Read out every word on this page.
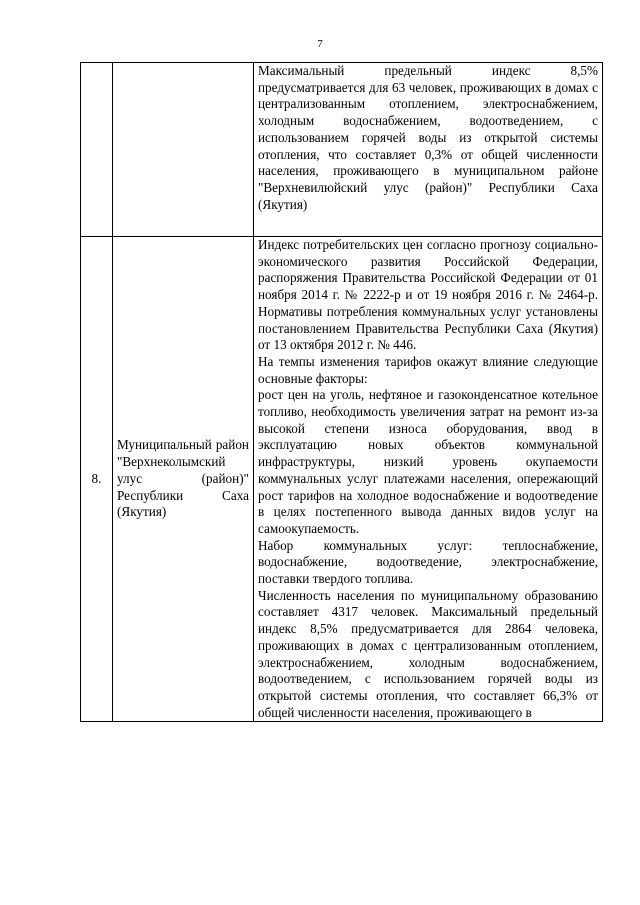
7

		Максимальный предельный индекс 8,5% предусматривается для 63 человек, проживающих в домах с централизованным отоплением, электроснабжением, холодным водоснабжением, водоотведением, с использованием горячей воды из открытой системы отопления, что составляет 0,3% от общей численности населения, проживающего в муниципальном районе "Верхневилюйский улус (район)" Республики Саха (Якутия)

8.	Муниципальный район "Верхнеколымский улус (район)" Республики Саха (Якутия)	Индекс потребительских цен согласно прогнозу социально-экономического развития Российской Федерации, распоряжения Правительства Российской Федерации от 01 ноября 2014 г. № 2222-р и от 19 ноября 2016 г. № 2464-р. Нормативы потребления коммунальных услуг установлены постановлением Правительства Республики Саха (Якутия) от 13 октября 2012 г. № 446.

На темпы изменения тарифов окажут влияние следующие основные факторы:

рост цен на уголь, нефтяное и газоконденсатное котельное топливо, необходимость увеличения затрат на ремонт из-за высокой степени износа оборудования, ввод в эксплуатацию новых объектов коммунальной инфраструктуры, низкий уровень окупаемости коммунальных услуг платежами населения, опережающий рост тарифов на холодное водоснабжение и водоотведение в целях постепенного вывода данных видов услуг на самоокупаемость.

Набор коммунальных услуг: теплоснабжение, водоснабжение, водоотведение, электроснабжение, поставки твердого топлива.

Численность населения по муниципальному образованию составляет 4317 человек. Максимальный предельный индекс 8,5% предусматривается для 2864 человека, проживающих в домах с централизованным отоплением, электроснабжением, холодным водоснабжением, водоотведением, с использованием горячей воды из открытой системы отопления, что составляет 66,3% от общей численности населения, проживающего в
